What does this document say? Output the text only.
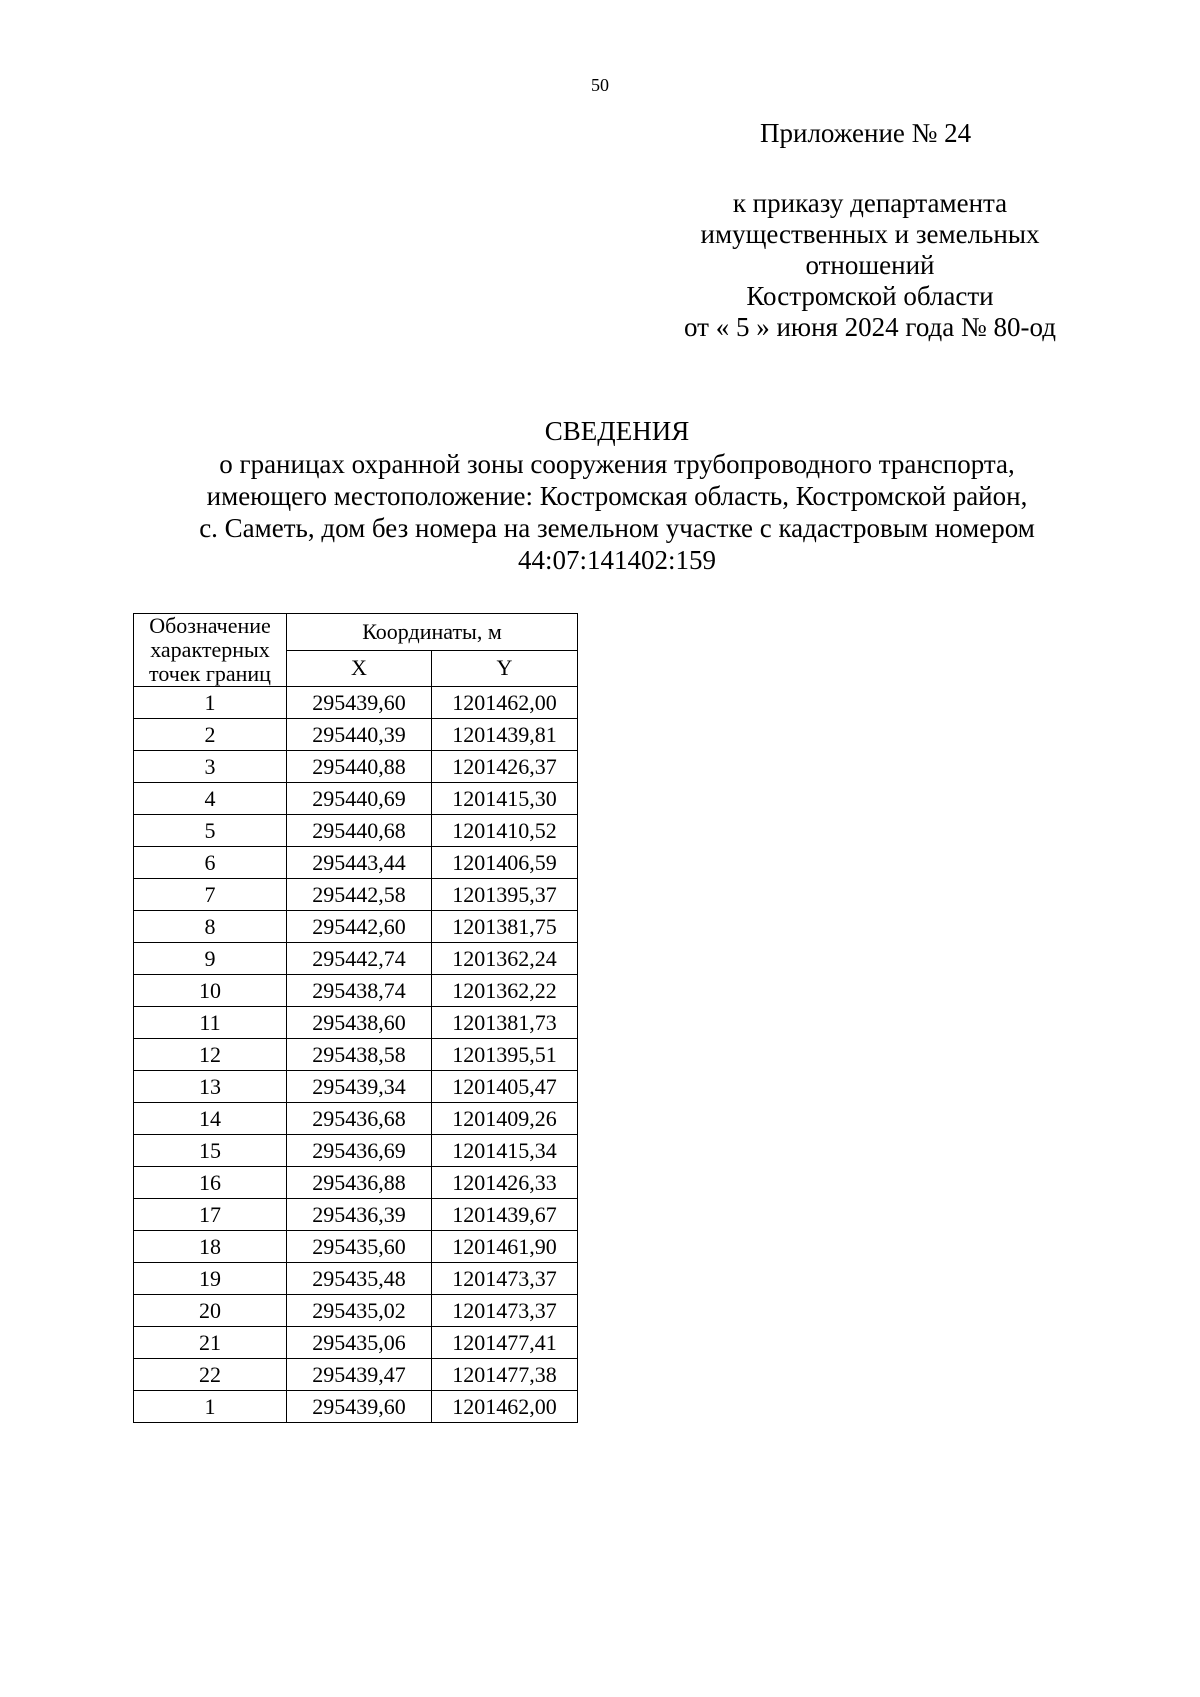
50
Приложение № 24
к приказу департамента
имущественных и земельных
отношений
Костромской области
от « 5 » июня 2024 года № 80-од
СВЕДЕНИЯ
о границах охранной зоны сооружения трубопроводного транспорта,
имеющего местоположение: Костромская область, Костромской район,
с. Саметь, дом без номера на земельном участке с кадастровым номером
44:07:141402:159
Обозначение
характерных
точек границ	Координаты, м	
	X	Y
1	295439,60	1201462,00
2	295440,39	1201439,81
3	295440,88	1201426,37
4	295440,69	1201415,30
5	295440,68	1201410,52
6	295443,44	1201406,59
7	295442,58	1201395,37
8	295442,60	1201381,75
9	295442,74	1201362,24
10	295438,74	1201362,22
11	295438,60	1201381,73
12	295438,58	1201395,51
13	295439,34	1201405,47
14	295436,68	1201409,26
15	295436,69	1201415,34
16	295436,88	1201426,33
17	295436,39	1201439,67
18	295435,60	1201461,90
19	295435,48	1201473,37
20	295435,02	1201473,37
21	295435,06	1201477,41
22	295439,47	1201477,38
1	295439,60	1201462,00
